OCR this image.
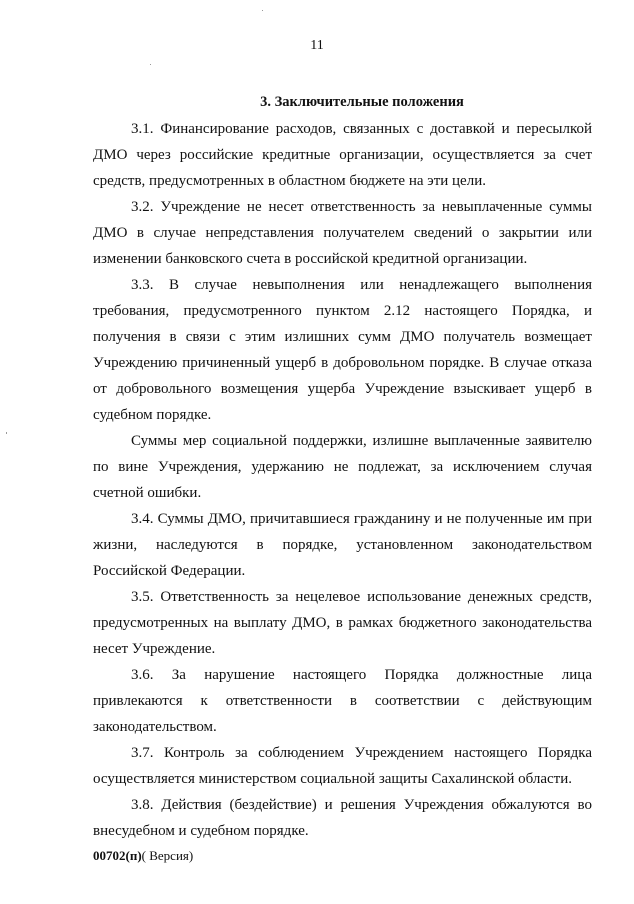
11
3. Заключительные положения

3.1. Финансирование расходов, связанных с доставкой и пересылкой ДМО через российские кредитные организации, осуществляется за счет средств, предусмотренных в областном бюджете на эти цели.

3.2. Учреждение не несет ответственность за невыплаченные суммы ДМО в случае непредставления получателем сведений о закрытии или изменении банковского счета в российской кредитной организации.

3.3. В случае невыполнения или ненадлежащего выполнения требования, предусмотренного пунктом 2.12 настоящего Порядка, и получения в связи с этим излишних сумм ДМО получатель возмещает Учреждению причиненный ущерб в добровольном порядке. В случае отказа от добровольного возмещения ущерба Учреждение взыскивает ущерб в судебном порядке.

Суммы мер социальной поддержки, излишне выплаченные заявителю по вине Учреждения, удержанию не подлежат, за исключением случая счетной ошибки.

3.4. Суммы ДМО, причитавшиеся гражданину и не полученные им при жизни, наследуются в порядке, установленном законодательством Российской Федерации.

3.5. Ответственность за нецелевое использование денежных средств, предусмотренных на выплату ДМО, в рамках бюджетного законодательства несет Учреждение.

3.6. За нарушение настоящего Порядка должностные лица привлекаются к ответственности в соответствии с действующим законодательством.

3.7. Контроль за соблюдением Учреждением настоящего Порядка осуществляется министерством социальной защиты Сахалинской области.

3.8. Действия (бездействие) и решения Учреждения обжалуются во внесудебном и судебном порядке.

00702(п)( Версия)
